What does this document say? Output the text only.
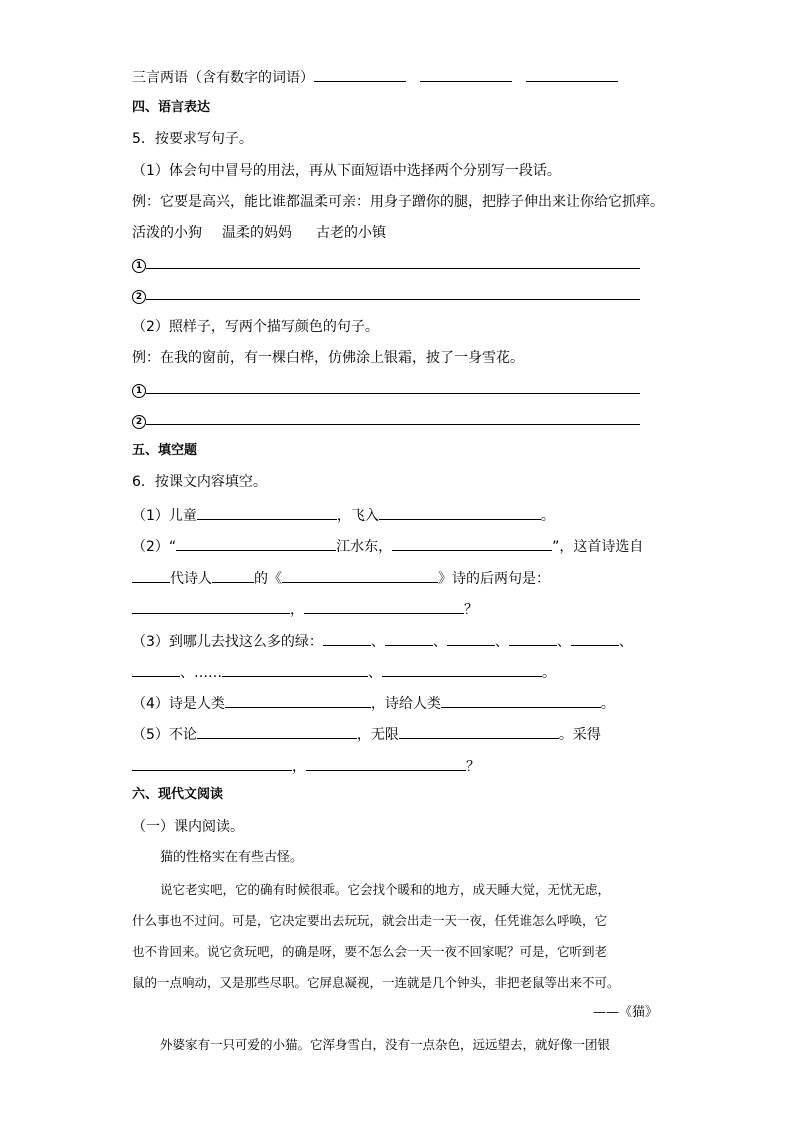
三言两语（含有数字的词语）
四、语言表达
5．按要求写句子。
（1）体会句中冒号的用法，再从下面短语中选择两个分别写一段话。
例：它要是高兴，能比谁都温柔可亲：用身子蹭你的腿，把脖子伸出来让你给它抓痒。
活泼的小狗 温柔的妈妈 古老的小镇
1
2
（2）照样子，写两个描写颜色的句子。
例：在我的窗前，有一棵白桦，仿佛涂上银霜，披了一身雪花。
1
2
五、填空题
6．按课文内容填空。
（1）儿童	，飞入	。
（2）“	江水东，	”，这首诗选自
代诗人	的《	》诗的后两句是：
，	？
（3）到哪儿去找这么多的绿：	、	、	、	、	、
、……	、	。
（4）诗是人类	，诗给人类	。
（5）不论	，无限	。采得
，	？
六、现代文阅读
（一）课内阅读。
猫的性格实在有些古怪。
说它老实吧，它的确有时候很乖。它会找个暖和的地方，成天睡大觉，无忧无虑，
什么事也不过问。可是，它决定要出去玩玩，就会出走一天一夜，任凭谁怎么呼唤，它
也不肯回来。说它贪玩吧，的确是呀，要不怎么会一天一夜不回家呢？可是，它听到老
鼠的一点响动，又是那些尽职。它屏息凝视，一连就是几个钟头，非把老鼠等出来不可。
——《猫》
外婆家有一只可爱的小猫。它浑身雪白，没有一点杂色，远远望去，就好像一团银
